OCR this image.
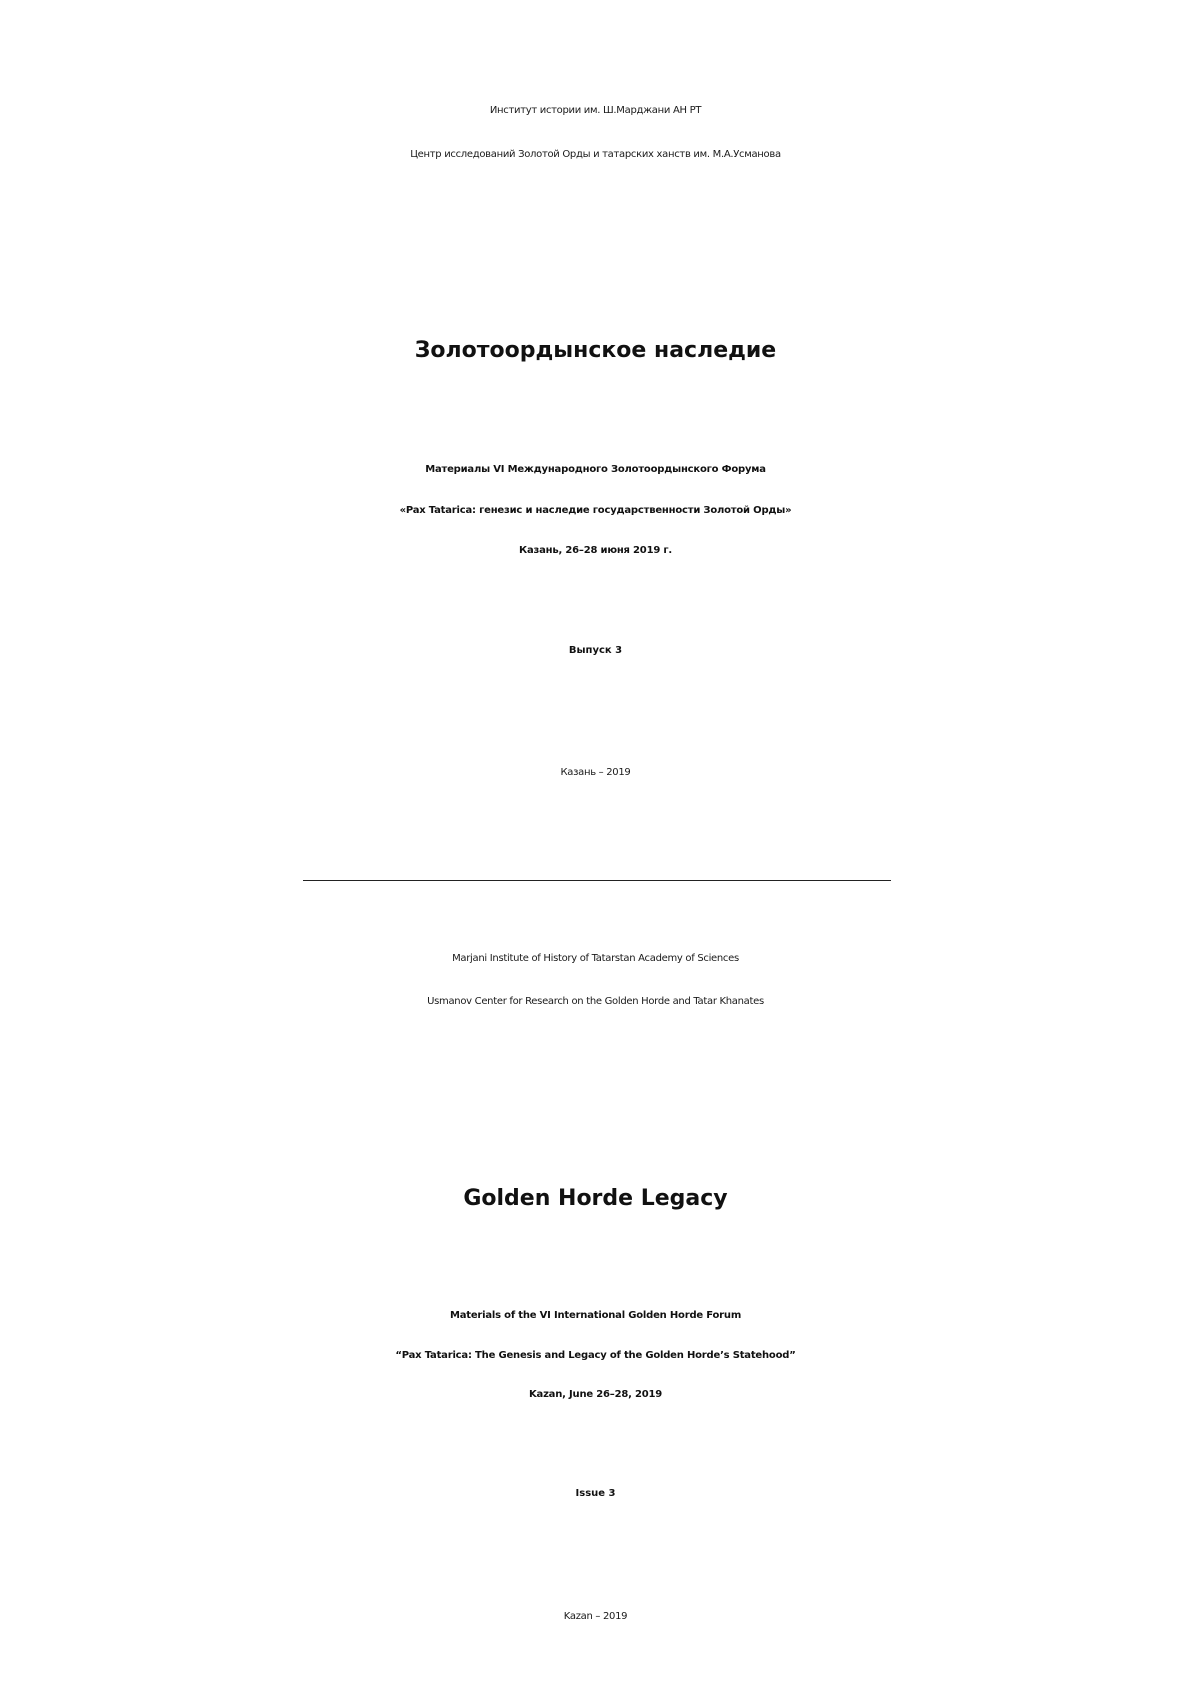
Институт истории им. Ш.Марджани АН РТ
Центр исследований Золотой Орды и татарских ханств им. М.А.Усманова
Золотоордынское наследие
Материалы VI Международного Золотоордынского Форума
«Pax Tatarica: генезис и наследие государственности Золотой Орды»
Казань, 26–28 июня 2019 г.
Выпуск 3
Казань – 2019
Marjani Institute of History of Tatarstan Academy of Sciences
Usmanov Center for Research on the Golden Horde and Tatar Khanates
Golden Horde Legacy
Materials of the VI International Golden Horde Forum
“Pax Tatarica: The Genesis and Legacy of the Golden Horde’s Statehood”
Kazan, June 26–28, 2019
Issue 3
Kazan – 2019
